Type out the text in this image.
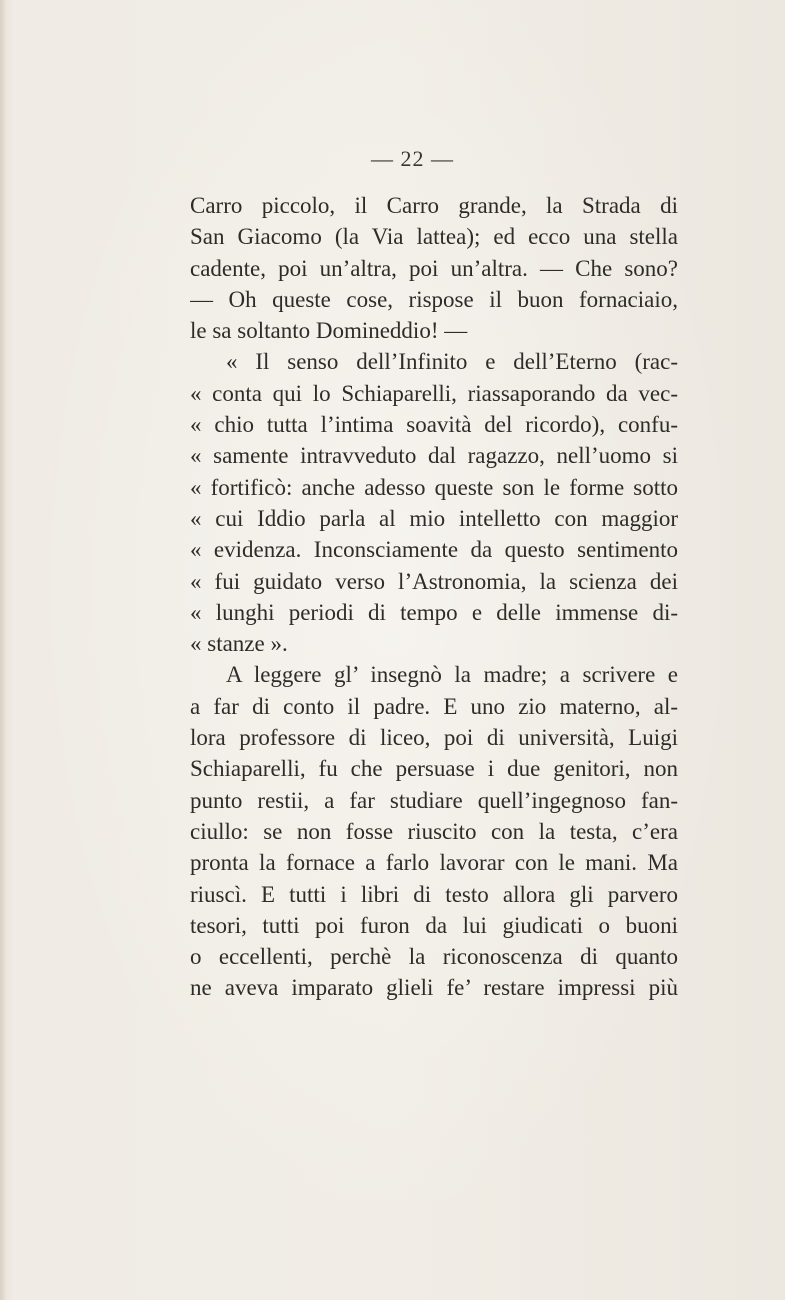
— 22 —
Carro piccolo, il Carro grande, la Strada di
San Giacomo (la Via lattea); ed ecco una stella
cadente, poi un’altra, poi un’altra. — Che sono?
— Oh queste cose, rispose il buon fornaciaio,
le sa soltanto Domineddio! —
« Il senso dell’Infinito e dell’Eterno (rac-
« conta qui lo Schiaparelli, riassaporando da vec-
« chio tutta l’intima soavità del ricordo), confu-
« samente intravveduto dal ragazzo, nell’uomo si
« fortificò: anche adesso queste son le forme sotto
« cui Iddio parla al mio intelletto con maggior
« evidenza. Inconsciamente da questo sentimento
« fui guidato verso l’Astronomia, la scienza dei
« lunghi periodi di tempo e delle immense di-
« stanze ».
A leggere gl’ insegnò la madre; a scrivere e
a far di conto il padre. E uno zio materno, al-
lora professore di liceo, poi di università, Luigi
Schiaparelli, fu che persuase i due genitori, non
punto restii, a far studiare quell’ingegnoso fan-
ciullo: se non fosse riuscito con la testa, c’era
pronta la fornace a farlo lavorar con le mani. Ma
riuscì. E tutti i libri di testo allora gli parvero
tesori, tutti poi furon da lui giudicati o buoni
o eccellenti, perchè la riconoscenza di quanto
ne aveva imparato glieli fe’ restare impressi più
